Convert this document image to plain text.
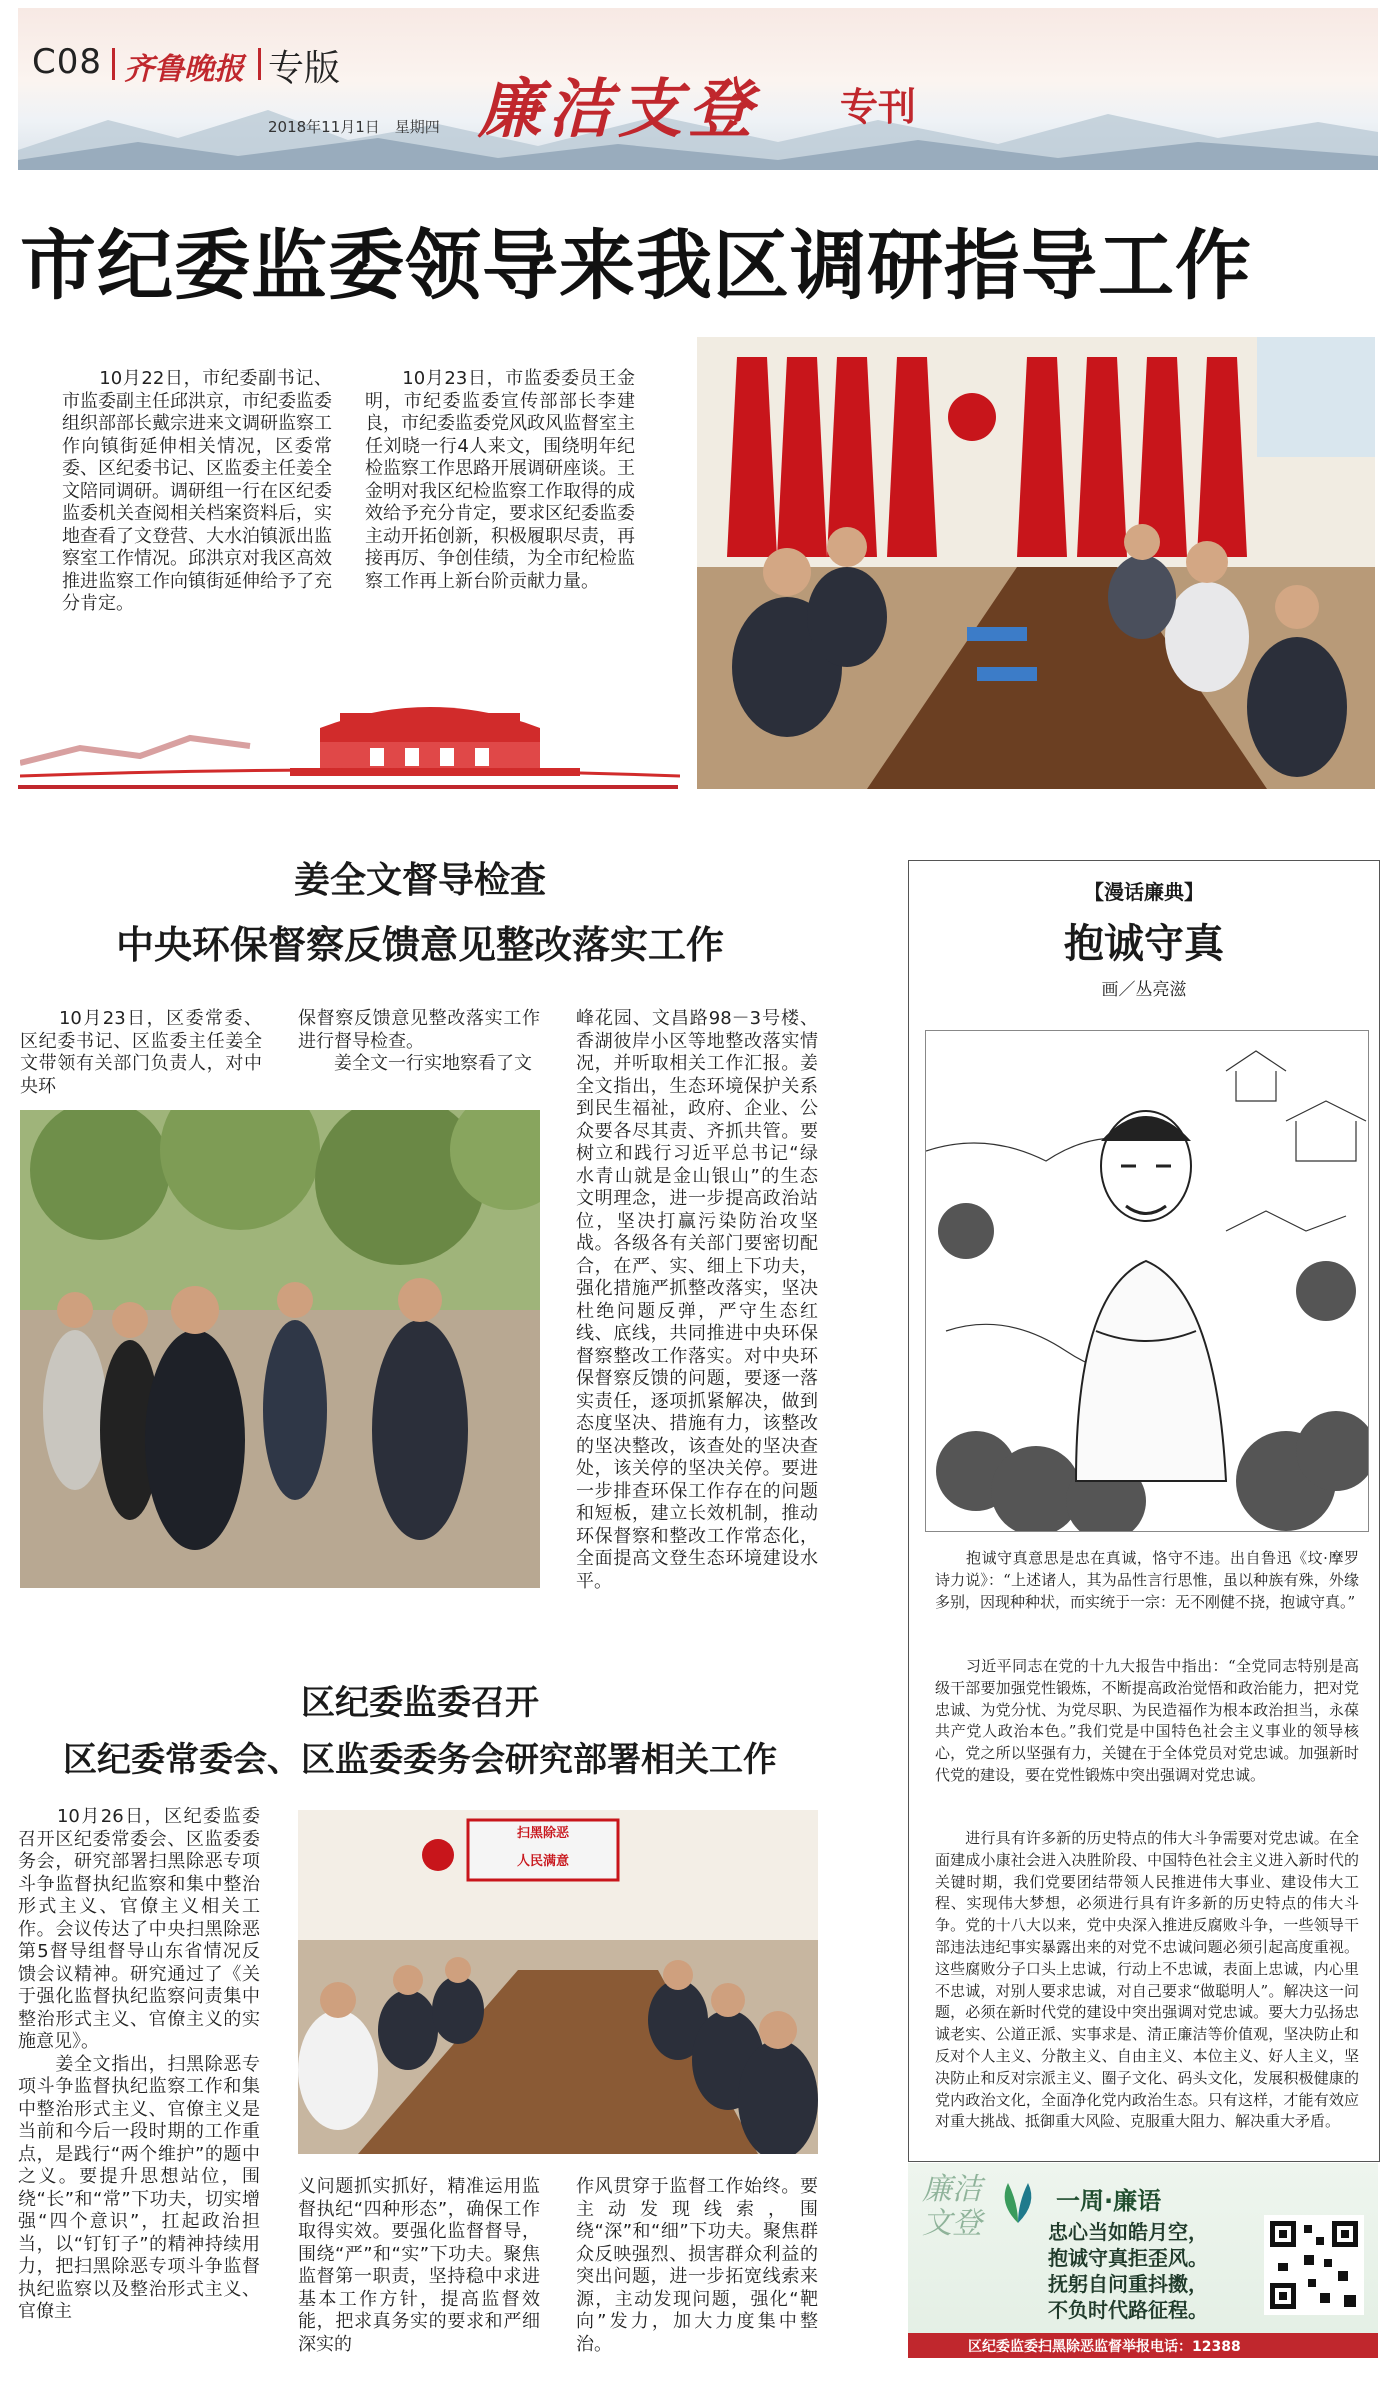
C08 齐鲁晚报 专版
2018年11月1日　星期四 廉洁支登 专刊
市纪委监委领导来我区调研指导工作
　　10月22日，市纪委副书记、市监委副主任邱洪京，市纪委监委组织部部长戴宗进来文调研监察工作向镇街延伸相关情况，区委常委、区纪委书记、区监委主任姜全文陪同调研。调研组一行在区纪委监委机关查阅相关档案资料后，实地查看了文登营、大水泊镇派出监察室工作情况。邱洪京对我区高效推进监察工作向镇街延伸给予了充分肯定。
　　10月23日，市监委委员王金明，市纪委监委宣传部部长李建良，市纪委监委党风政风监督室主任刘晓一行4人来文，围绕明年纪检监察工作思路开展调研座谈。王金明对我区纪检监察工作取得的成效给予充分肯定，要求区纪委监委主动开拓创新，积极履职尽责，再接再厉、争创佳绩，为全市纪检监察工作再上新台阶贡献力量。
姜全文督导检查
中央环保督察反馈意见整改落实工作
　　10月23日，区委常委、区纪委书记、区监委主任姜全文带领有关部门负责人，对中央环
保督察反馈意见整改落实工作进行督导检查。
　　姜全文一行实地察看了文
峰花园、文昌路98－3号楼、香湖彼岸小区等地整改落实情况，并听取相关工作汇报。姜全文指出，生态环境保护关系到民生福祉，政府、企业、公众要各尽其责、齐抓共管。要树立和践行习近平总书记“绿水青山就是金山银山”的生态文明理念，进一步提高政治站位，坚决打赢污染防治攻坚战。各级各有关部门要密切配合，在严、实、细上下功夫，强化措施严抓整改落实，坚决杜绝问题反弹，严守生态红线、底线，共同推进中央环保督察整改工作落实。对中央环保督察反馈的问题，要逐一落实责任，逐项抓紧解决，做到态度坚决、措施有力，该整改的坚决整改，该查处的坚决查处，该关停的坚决关停。要进一步排查环保工作存在的问题和短板，建立长效机制，推动环保督察和整改工作常态化，全面提高文登生态环境建设水平。
区纪委监委召开
区纪委常委会、区监委委务会研究部署相关工作
　　10月26日，区纪委监委召开区纪委常委会、区监委委务会，研究部署扫黑除恶专项斗争监督执纪监察和集中整治形式主义、官僚主义相关工作。会议传达了中央扫黑除恶第5督导组督导山东省情况反馈会议精神。研究通过了《关于强化监督执纪监察问责集中整治形式主义、官僚主义的实施意见》。
　　姜全文指出，扫黑除恶专项斗争监督执纪监察工作和集中整治形式主义、官僚主义是当前和今后一段时期的工作重点，是践行“两个维护”的题中之义。要提升思想站位，围绕“长”和“常”下功夫，切实增强“四个意识”，扛起政治担当，以“钉钉子”的精神持续用力，把扫黑除恶专项斗争监督执纪监察以及整治形式主义、官僚主
义问题抓实抓好，精准运用监督执纪“四种形态”，确保工作取得实效。要强化监督督导，围绕“严”和“实”下功夫。聚焦监督第一职责，坚持稳中求进基本工作方针，提高监督效能，把求真务实的要求和严细深实的
作风贯穿于监督工作始终。要主动发现线索，围绕“深”和“细”下功夫。聚焦群众反映强烈、损害群众利益的突出问题，进一步拓宽线索来源，主动发现问题，强化“靶向”发力，加大力度集中整治。
扫黑除恶
人民满意
【漫话廉典】
抱诚守真
画／丛亮滋
　　抱诚守真意思是忠在真诚，恪守不违。出自鲁迅《坟·摩罗诗力说》：“上述诸人，其为品性言行思惟，虽以种族有殊，外缘多别，因现种种状，而实统于一宗：无不刚健不挠，抱诚守真。”
　　习近平同志在党的十九大报告中指出：“全党同志特别是高级干部要加强党性锻炼，不断提高政治觉悟和政治能力，把对党忠诚、为党分忧、为党尽职、为民造福作为根本政治担当，永葆共产党人政治本色。”我们党是中国特色社会主义事业的领导核心，党之所以坚强有力，关键在于全体党员对党忠诚。加强新时代党的建设，要在党性锻炼中突出强调对党忠诚。
　　进行具有许多新的历史特点的伟大斗争需要对党忠诚。在全面建成小康社会进入决胜阶段、中国特色社会主义进入新时代的关键时期，我们党要团结带领人民推进伟大事业、建设伟大工程、实现伟大梦想，必须进行具有许多新的历史特点的伟大斗争。党的十八大以来，党中央深入推进反腐败斗争，一些领导干部违法违纪事实暴露出来的对党不忠诚问题必须引起高度重视。这些腐败分子口头上忠诚，行动上不忠诚，表面上忠诚，内心里不忠诚，对别人要求忠诚，对自己要求“做聪明人”。解决这一问题，必须在新时代党的建设中突出强调对党忠诚。要大力弘扬忠诚老实、公道正派、实事求是、清正廉洁等价值观，坚决防止和反对个人主义、分散主义、自由主义、本位主义、好人主义，坚决防止和反对宗派主义、圈子文化、码头文化，发展积极健康的党内政治文化，全面净化党内政治生态。只有这样，才能有效应对重大挑战、抵御重大风险、克服重大阻力、解决重大矛盾。
廉洁文登
一周·廉语
忠心当如皓月空，
抱诚守真拒歪风。
抚躬自问重抖擞，
不负时代路征程。
区纪委监委扫黑除恶监督举报电话：12388
